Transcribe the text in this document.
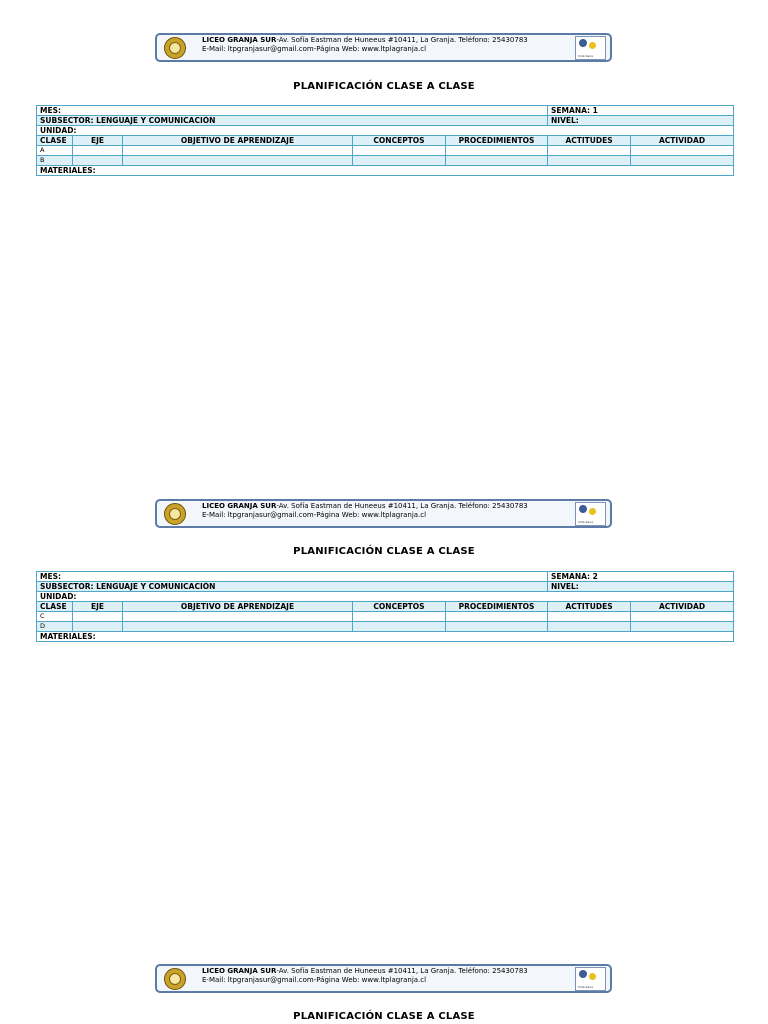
LICEO GRANJA SUR-Av. Sofía Eastman de Huneeus #10411, La Granja. Teléfono: 25430783
E-Mail: ltpgranjasur@gmail.com-Página Web: www.ltplagranja.cl
Vida Sana
PLANIFICACIÓN CLASE A CLASE
MES:					SEMANA: 1	
SUBSECTOR: LENGUAJE Y COMUNICACIÓN					NIVEL:	
UNIDAD:						
CLASE	EJE	OBJETIVO DE APRENDIZAJE	CONCEPTOS	PROCEDIMIENTOS	ACTITUDES	ACTIVIDAD
A						
B						
MATERIALES:						
LICEO GRANJA SUR-Av. Sofía Eastman de Huneeus #10411, La Granja. Teléfono: 25430783
E-Mail: ltpgranjasur@gmail.com-Página Web: www.ltplagranja.cl
Vida Sana
PLANIFICACIÓN CLASE A CLASE
MES:					SEMANA: 2	
SUBSECTOR: LENGUAJE Y COMUNICACIÓN					NIVEL:	
UNIDAD:						
CLASE	EJE	OBJETIVO DE APRENDIZAJE	CONCEPTOS	PROCEDIMIENTOS	ACTITUDES	ACTIVIDAD
C						
D						
MATERIALES:						
LICEO GRANJA SUR-Av. Sofía Eastman de Huneeus #10411, La Granja. Teléfono: 25430783
E-Mail: ltpgranjasur@gmail.com-Página Web: www.ltplagranja.cl
Vida Sana
PLANIFICACIÓN CLASE A CLASE
